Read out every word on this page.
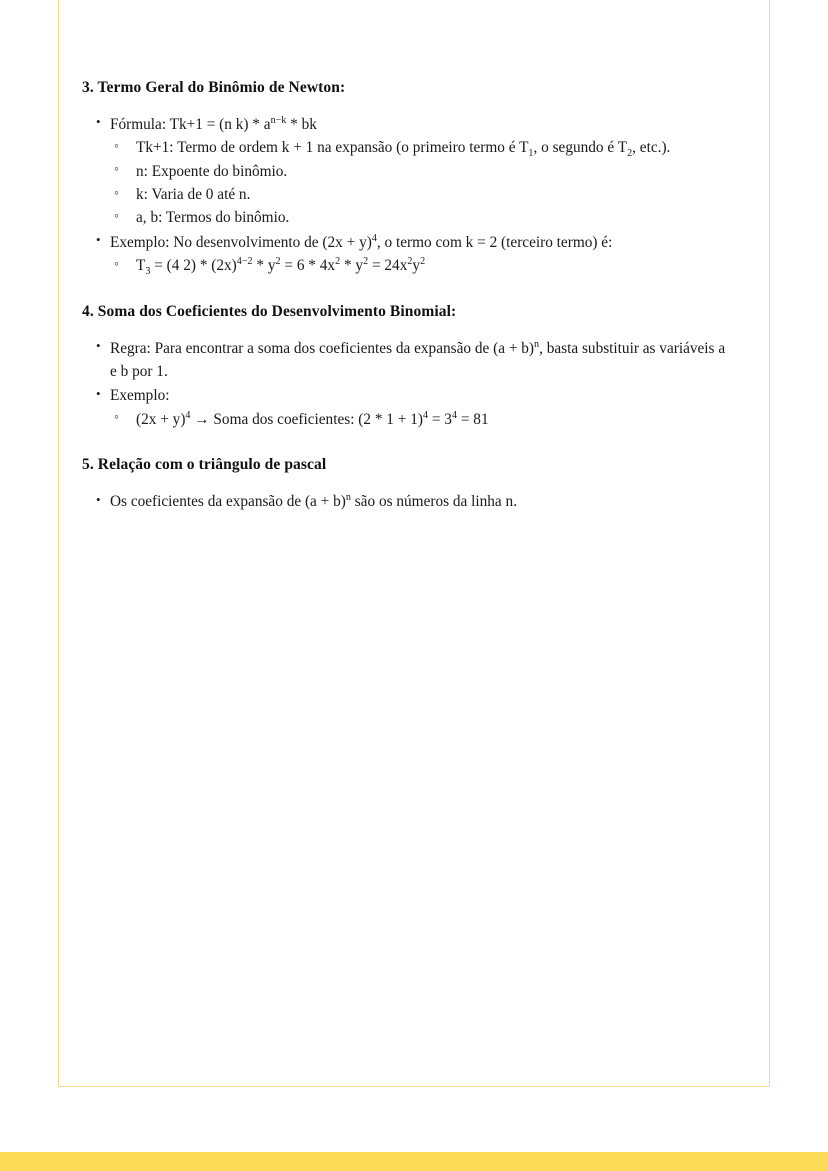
3. Termo Geral do Binômio de Newton:
• Fórmula: Tk+1 = (n $k) * a^{n-k}$ * bk
◦ Tk+1: Termo de ordem k + 1 na expansão (o primeiro termo é $T_1$, o segundo é $T_2$, etc.).
◦ n: Expoente do binômio.
◦ k: Varia de 0 até n.
◦ a, b: Termos do binômio.
• Exemplo: No desenvolvimento de $(2x + y)^4$, o termo com k = 2 (terceiro termo) é:
◦ $T_3 = (4$ $2) * (2x)^{4-2} * y^2 = 6 * 4x^2 * y^2 = 24x^2y^2$
4. Soma dos Coeficientes do Desenvolvimento Binomial:
• Regra: Para encontrar a soma dos coeficientes da expansão de $(a + b)^n$, basta substituir as variáveis a e b por 1.
• Exemplo:
◦ $(2x + y)^4$ → Soma dos coeficientes: $(2 * 1 + 1)^4 = 3^4 = 81$
5. Relação com o triângulo de pascal
• Os coeficientes da expansão de $(a + b)^n$ são os números da linha n.
